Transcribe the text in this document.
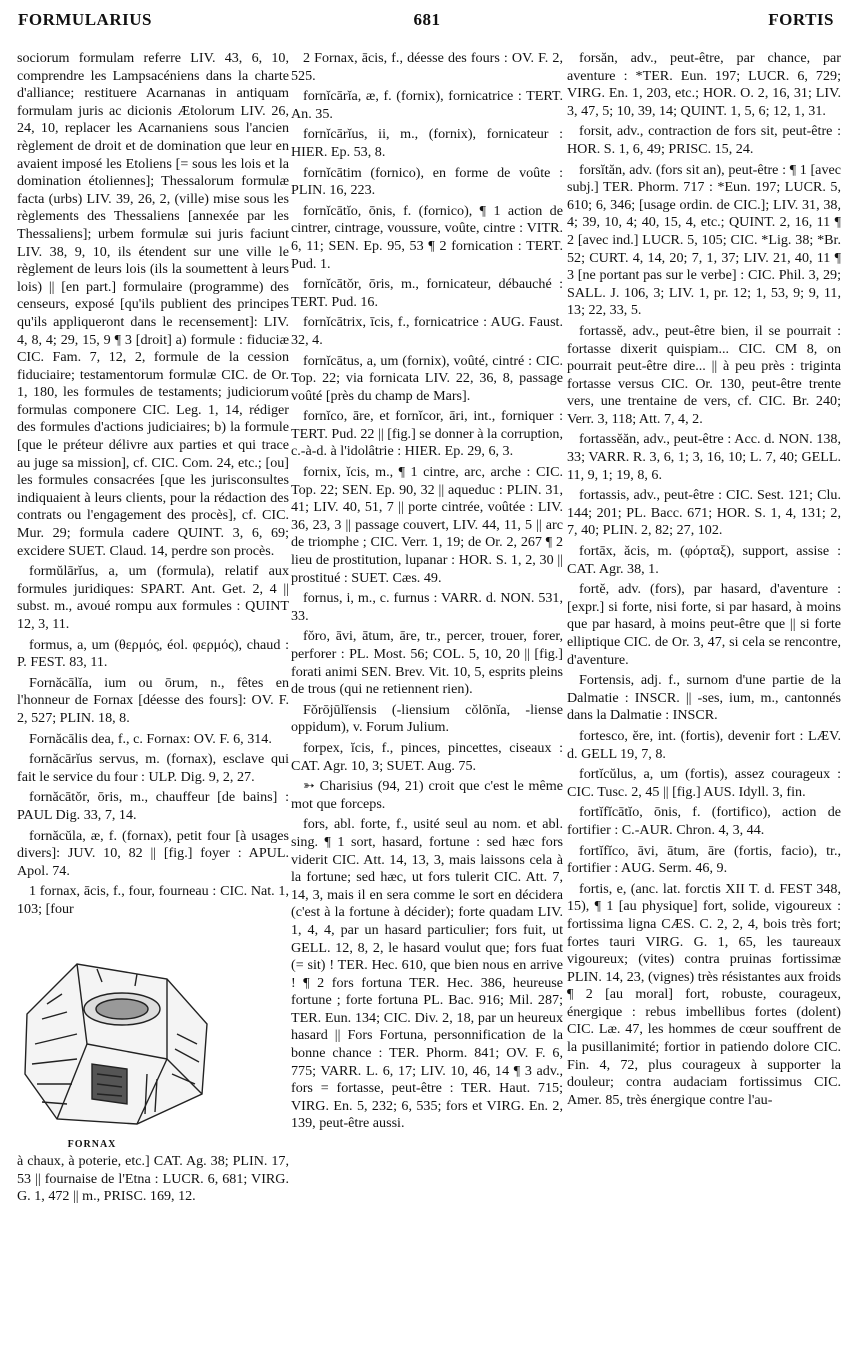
FORMULARIUS	681	FORTIS

sociorum formulam referre LIV. 43, 6, 10, comprendre les Lampsacéniens dans la charte d'alliance; restituere Acarnanas in antiquam formulam juris ac dicionis Ætolorum LIV. 26, 24, 10, replacer les Acarnaniens sous l'ancien règlement de droit et de domination que leur en avaient imposé les Etoliens [= sous les lois et la domination étoliennes]; Thessalorum formulæ facta (urbs) LIV. 39, 26, 2, (ville) mise sous les règlements des Thessaliens [annexée par les Thessaliens]; urbem formulæ sui juris faciunt LIV. 38, 9, 10, ils étendent sur une ville le règlement de leurs lois (ils la soumettent à leurs lois) || [en part.] formulaire (programme) des censeurs, exposé [qu'ils publient des principes qu'ils appliqueront dans le recensement]: LIV. 4, 8, 4; 29, 15, 9 ¶ 3 [droit] a) formule : fiduciæ CIC. Fam. 7, 12, 2, formule de la cession fiduciaire; testamentorum formulæ CIC. de Or. 1, 180, les formules de testaments; judiciorum formulas componere CIC. Leg. 1, 14, rédiger des formules d'actions judiciaires; b) la formule [que le préteur délivre aux parties et qui trace au juge sa mission], cf. CIC. Com. 24, etc.; [ou] les formules consacrées [que les jurisconsultes indiquaient à leurs clients, pour la rédaction des contrats ou l'engagement des procès], cf. CIC. Mur. 29; formula cadere QUINT. 3, 6, 69; excidere SUET. Claud. 14, perdre son procès.

formŭlārĭus, a, um (formula), relatif aux formules juridiques: SPART. Ant. Get. 2, 4 || subst. m., avoué rompu aux formules : QUINT 12, 3, 11.

formus, a, um (θερμός, éol. φερμός), chaud : P. FEST. 83, 11.

Fornăcālĭa, ium ou ōrum, n., fêtes en l'honneur de Fornax [déesse des fours]: OV. F. 2, 527; PLIN. 18, 8.

Fornăcālis dea, f., c. Fornax: OV. F. 6, 314.

fornăcārĭus servus, m. (fornax), esclave qui fait le service du four : ULP. Dig. 9, 2, 27.

fornăcātŏr, ōris, m., chauffeur [de bains] : PAUL Dig. 33, 7, 14.

fornăcŭla, æ, f. (fornax), petit four [à usages divers]: JUV. 10, 82 || [fig.] foyer : APUL. Apol. 74.

1 fornax, ācis, f., four, fourneau : CIC. Nat. 1, 103; [four

FORNAX

à chaux, à poterie, etc.] CAT. Ag. 38; PLIN. 17, 53 || fournaise de l'Etna : LUCR. 6, 681; VIRG. G. 1, 472 || m., PRISC. 169, 12.

2 Fornax, ācis, f., déesse des fours : OV. F. 2, 525.

fornĭcārĭa, æ, f. (fornix), fornicatrice : TERT. An. 35.

fornĭcārĭus, ii, m., (fornix), fornicateur : HIER. Ep. 53, 8.

fornĭcātim (fornico), en forme de voûte : PLIN. 16, 223.

fornĭcātĭo, ōnis, f. (fornico), ¶ 1 action de cintrer, cintrage, voussure, voûte, cintre : VITR. 6, 11; SEN. Ep. 95, 53 ¶ 2 fornication : TERT. Pud. 1.

fornĭcātŏr, ōris, m., fornicateur, débauché : TERT. Pud. 16.

fornĭcātrix, īcis, f., fornicatrice : AUG. Faust. 32, 4.

fornĭcātus, a, um (fornix), voûté, cintré : CIC. Top. 22; via fornicata LIV. 22, 36, 8, passage voûté [près du champ de Mars].

fornĭco, āre, et fornĭcor, āri, int., forniquer : TERT. Pud. 22 || [fig.] se donner à la corruption, c.-à-d. à l'idolâtrie : HIER. Ep. 29, 6, 3.

fornix, ĭcis, m., ¶ 1 cintre, arc, arche : CIC. Top. 22; SEN. Ep. 90, 32 || aqueduc : PLIN. 31, 41; LIV. 40, 51, 7 || porte cintrée, voûtée : LIV. 36, 23, 3 || passage couvert, LIV. 44, 11, 5 || arc de triomphe ; CIC. Verr. 1, 19; de Or. 2, 267 ¶ 2 lieu de prostitution, lupanar : HOR. S. 1, 2, 30 || prostitué : SUET. Cæs. 49.

fornus, i, m., c. furnus : VARR. d. NON. 531, 33.

fŏro, āvi, ātum, āre, tr., percer, trouer, forer, perforer : PL. Most. 56; COL. 5, 10, 20 || [fig.] forati animi SEN. Brev. Vit. 10, 5, esprits pleins de trous (qui ne retiennent rien).

Fŏrōjūlĭensis (-liensium cŏlōnĭa, -liense oppidum), v. Forum Julium.

forpex, ĭcis, f., pinces, pincettes, ciseaux : CAT. Agr. 10, 3; SUET. Aug. 75.

➳ Charisius (94, 21) croit que c'est le même mot que forceps.

fors, abl. forte, f., usité seul au nom. et abl. sing. ¶ 1 sort, hasard, fortune : sed hæc fors viderit CIC. Att. 14, 13, 3, mais laissons cela à la fortune; sed hæc, ut fors tulerit CIC. Att. 7, 14, 3, mais il en sera comme le sort en décidera (c'est à la fortune à décider); forte quadam LIV. 1, 4, 4, par un hasard particulier; fors fuit, ut GELL. 12, 8, 2, le hasard voulut que; fors fuat (= sit) ! TER. Hec. 610, que bien nous en arrive ! ¶ 2 fors fortuna TER. Hec. 386, heureuse fortune ; forte fortuna PL. Bac. 916; Mil. 287; TER. Eun. 134; CIC. Div. 2, 18, par un heureux hasard || Fors Fortuna, personnification de la bonne chance : TER. Phorm. 841; OV. F. 6, 775; VARR. L. 6, 17; LIV. 10, 46, 14 ¶ 3 adv., fors = fortasse, peut-être : TER. Haut. 715; VIRG. En. 5, 232; 6, 535; fors et VIRG. En. 2, 139, peut-être aussi.

forsăn, adv., peut-être, par chance, par aventure : *TER. Eun. 197; LUCR. 6, 729; VIRG. En. 1, 203, etc.; HOR. O. 2, 16, 31; LIV. 3, 47, 5; 10, 39, 14; QUINT. 1, 5, 6; 12, 1, 31.

forsit, adv., contraction de fors sit, peut-être : HOR. S. 1, 6, 49; PRISC. 15, 24.

forsĭtăn, adv. (fors sit an), peut-être : ¶ 1 [avec subj.] TER. Phorm. 717 : *Eun. 197; LUCR. 5, 610; 6, 346; [usage ordin. de CIC.]; LIV. 31, 38, 4; 39, 10, 4; 40, 15, 4, etc.; QUINT. 2, 16, 11 ¶ 2 [avec ind.] LUCR. 5, 105; CIC. *Lig. 38; *Br. 52; CURT. 4, 14, 20; 7, 1, 37; LIV. 21, 40, 11 ¶ 3 [ne portant pas sur le verbe] : CIC. Phil. 3, 29; SALL. J. 106, 3; LIV. 1, pr. 12; 1, 53, 9; 9, 11, 13; 22, 33, 5.

fortassĕ, adv., peut-être bien, il se pourrait : fortasse dixerit quispiam... CIC. CM 8, on pourrait peut-être dire... || à peu près : triginta fortasse versus CIC. Or. 130, peut-être trente vers, une trentaine de vers, cf. CIC. Br. 240; Verr. 3, 118; Att. 7, 4, 2.

fortassĕăn, adv., peut-être : Acc. d. NON. 138, 33; VARR. R. 3, 6, 1; 3, 16, 10; L. 7, 40; GELL. 11, 9, 1; 19, 8, 6.

fortassis, adv., peut-être : CIC. Sest. 121; Clu. 144; 201; PL. Bacc. 671; HOR. S. 1, 4, 131; 2, 7, 40; PLIN. 2, 82; 27, 102.

fortāx, ăcis, m. (φόρταξ), support, assise : CAT. Agr. 38, 1.

fortĕ, adv. (fors), par hasard, d'aventure : [expr.] si forte, nisi forte, si par hasard, à moins que par hasard, à moins peut-être que || si forte elliptique CIC. de Or. 3, 47, si cela se rencontre, d'aventure.

Fortensis, adj. f., surnom d'une partie de la Dalmatie : INSCR. || -ses, ium, m., cantonnés dans la Dalmatie : INSCR.

fortesco, ĕre, int. (fortis), devenir fort : LÆV. d. GELL 19, 7, 8.

fortĭcŭlus, a, um (fortis), assez courageux : CIC. Tusc. 2, 45 || [fig.] AUS. Idyll. 3, fin.

fortĭfĭcātĭo, ōnis, f. (fortifico), action de fortifier : C.-AUR. Chron. 4, 3, 44.

fortĭfĭco, āvi, ātum, āre (fortis, facio), tr., fortifier : AUG. Serm. 46, 9.

fortis, e, (anc. lat. forctis XII T. d. FEST 348, 15), ¶ 1 [au physique] fort, solide, vigoureux : fortissima ligna CÆS. C. 2, 2, 4, bois très fort; fortes tauri VIRG. G. 1, 65, les taureaux vigoureux; (vites) contra pruinas fortissimæ PLIN. 14, 23, (vignes) très résistantes aux froids ¶ 2 [au moral] fort, robuste, courageux, énergique : rebus imbellibus fortes (dolent) CIC. Læ. 47, les hommes de cœur souffrent de la pusillanimité; fortior in patiendo dolore CIC. Fin. 4, 72, plus courageux à supporter la douleur; contra audaciam fortissimus CIC. Amer. 85, très énergique contre l'au-
